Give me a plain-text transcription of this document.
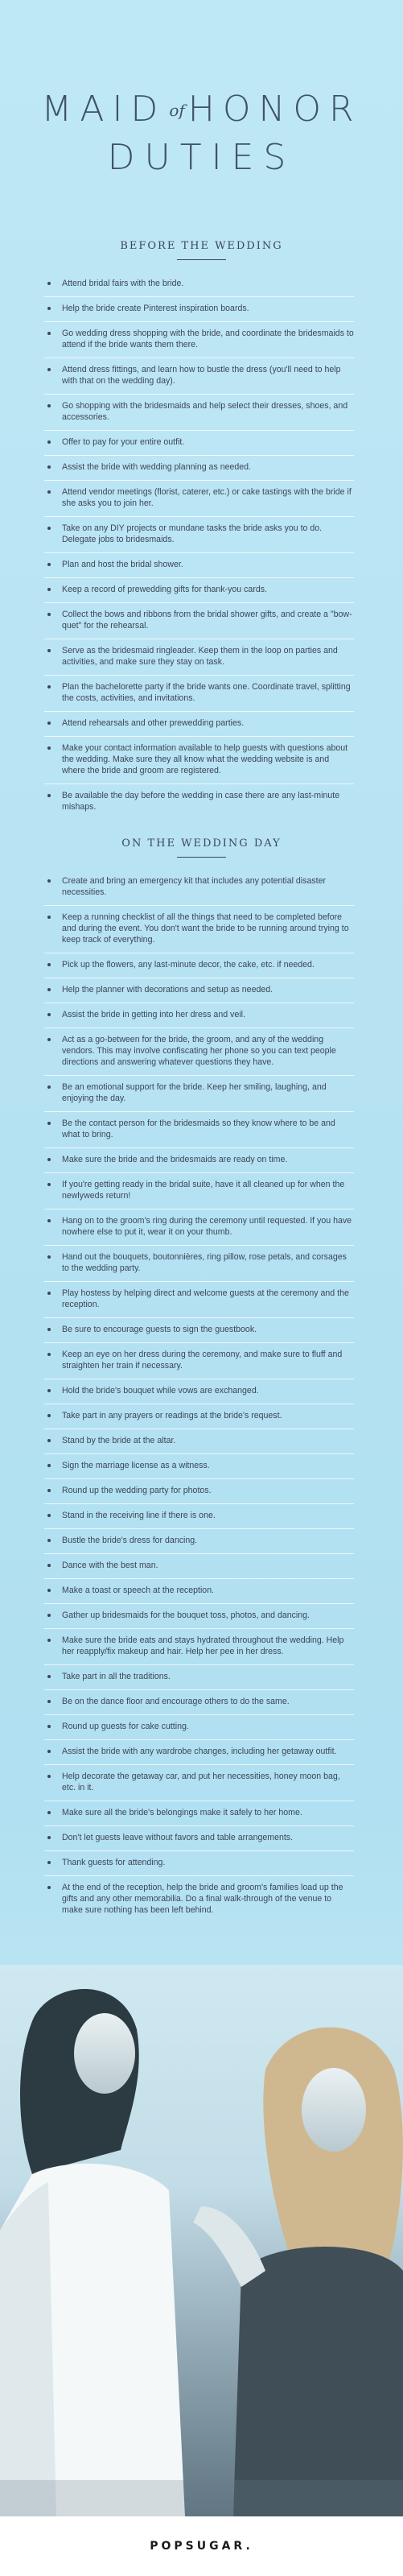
MAID ofHONOR
DUTIES
BEFORE THE WEDDING
Attend bridal fairs with the bride.
Help the bride create Pinterest inspiration boards.
Go wedding dress shopping with the bride, and coordinate the bridesmaids to attend if the bride wants them there.
Attend dress fittings, and learn how to bustle the dress (you'll need to help with that on the wedding day).
Go shopping with the bridesmaids and help select their dresses, shoes, and accessories.
Offer to pay for your entire outfit.
Assist the bride with wedding planning as needed.
Attend vendor meetings (florist, caterer, etc.) or cake tastings with the bride if she asks you to join her.
Take on any DIY projects or mundane tasks the bride asks you to do. Delegate jobs to bridesmaids.
Plan and host the bridal shower.
Keep a record of prewedding gifts for thank-you cards.
Collect the bows and ribbons from the bridal shower gifts, and create a "bow-quet" for the rehearsal.
Serve as the bridesmaid ringleader. Keep them in the loop on parties and activities, and make sure they stay on task.
Plan the bachelorette party if the bride wants one. Coordinate travel, splitting the costs, activities, and invitations.
Attend rehearsals and other prewedding parties.
Make your contact information available to help guests with questions about the wedding. Make sure they all know what the wedding website is and where the bride and groom are registered.
Be available the day before the wedding in case there are any last-minute mishaps.
ON THE WEDDING DAY
Create and bring an emergency kit that includes any potential disaster necessities.
Keep a running checklist of all the things that need to be completed before and during the event. You don't want the bride to be running around trying to keep track of everything.
Pick up the flowers, any last-minute decor, the cake, etc. if needed.
Help the planner with decorations and setup as needed.
Assist the bride in getting into her dress and veil.
Act as a go-between for the bride, the groom, and any of the wedding vendors. This may involve confiscating her phone so you can text people directions and answering whatever questions they have.
Be an emotional support for the bride. Keep her smiling, laughing, and enjoying the day.
Be the contact person for the bridesmaids so they know where to be and what to bring.
Make sure the bride and the bridesmaids are ready on time.
If you're getting ready in the bridal suite, have it all cleaned up for when the newlyweds return!
Hang on to the groom's ring during the ceremony until requested. If you have nowhere else to put it, wear it on your thumb.
Hand out the bouquets, boutonnières, ring pillow, rose petals, and corsages to the wedding party.
Play hostess by helping direct and welcome guests at the ceremony and the reception.
Be sure to encourage guests to sign the guestbook.
Keep an eye on her dress during the ceremony, and make sure to fluff and straighten her train if necessary.
Hold the bride's bouquet while vows are exchanged.
Take part in any prayers or readings at the bride's request.
Stand by the bride at the altar.
Sign the marriage license as a witness.
Round up the wedding party for photos.
Stand in the receiving line if there is one.
Bustle the bride's dress for dancing.
Dance with the best man.
Make a toast or speech at the reception.
Gather up bridesmaids for the bouquet toss, photos, and dancing.
Make sure the bride eats and stays hydrated throughout the wedding. Help her reapply/fix makeup and hair. Help her pee in her dress.
Take part in all the traditions.
Be on the dance floor and encourage others to do the same.
Round up guests for cake cutting.
Assist the bride with any wardrobe changes, including her getaway outfit.
Help decorate the getaway car, and put her necessities, honey moon bag, etc. in it.
Make sure all the bride's belongings make it safely to her home.
Don't let guests leave without favors and table arrangements.
Thank guests for attending.
At the end of the reception, help the bride and groom's families load up the gifts and any other memorabilia. Do a final walk-through of the venue to make sure nothing has been left behind.
POPSUGAR.
